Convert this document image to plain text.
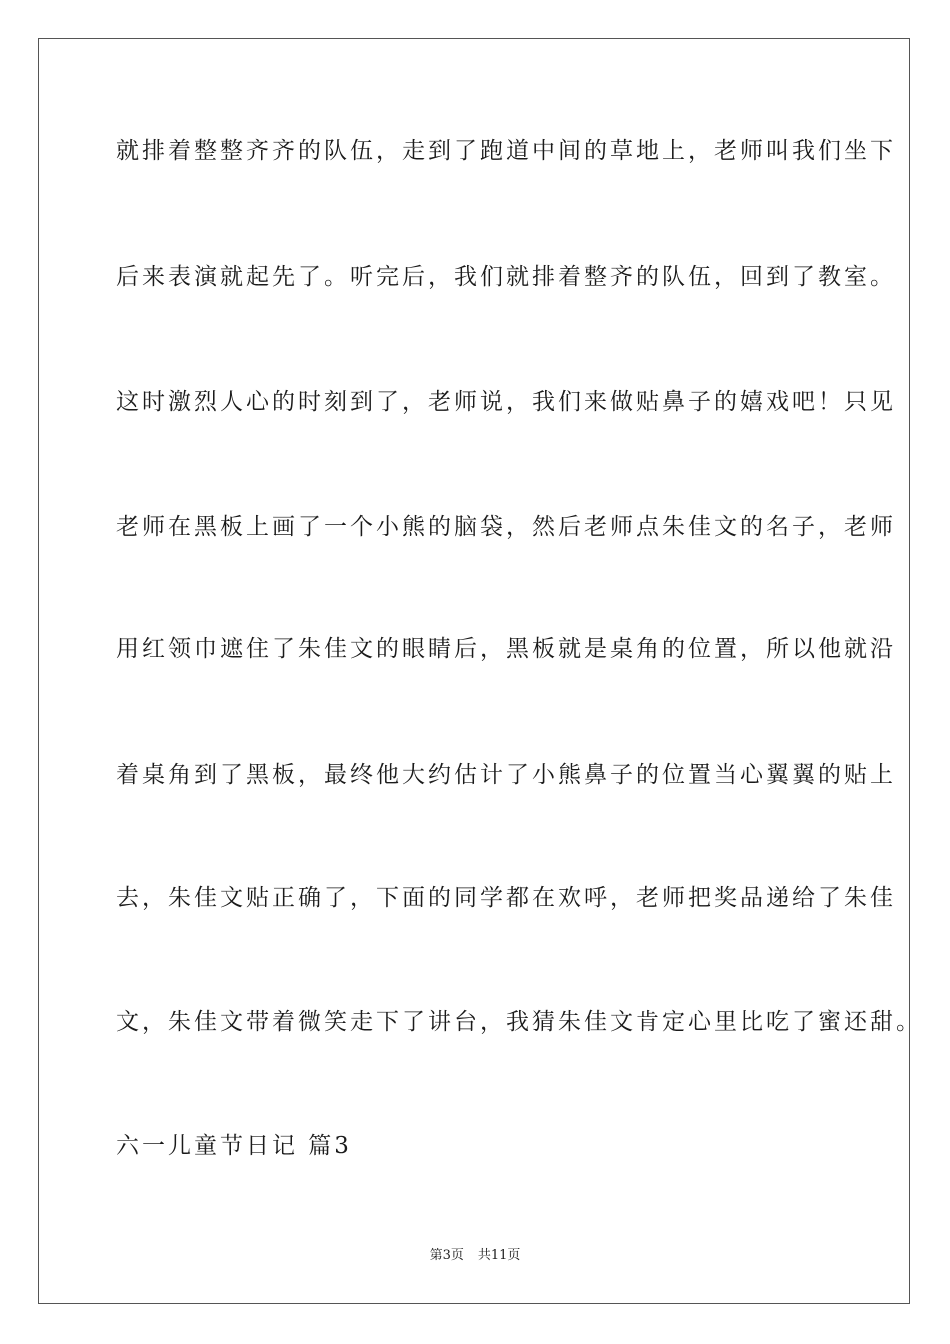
就排着整整齐齐的队伍，走到了跑道中间的草地上，老师叫我们坐下
后来表演就起先了。听完后，我们就排着整齐的队伍，回到了教室。
这时激烈人心的时刻到了，老师说，我们来做贴鼻子的嬉戏吧！只见
老师在黑板上画了一个小熊的脑袋，然后老师点朱佳文的名子，老师
用红领巾遮住了朱佳文的眼睛后，黑板就是桌角的位置，所以他就沿
着桌角到了黑板，最终他大约估计了小熊鼻子的位置当心翼翼的贴上
去，朱佳文贴正确了，下面的同学都在欢呼，老师把奖品递给了朱佳
文，朱佳文带着微笑走下了讲台，我猜朱佳文肯定心里比吃了蜜还甜。
六一儿童节日记 篇3
第3页 共11页
